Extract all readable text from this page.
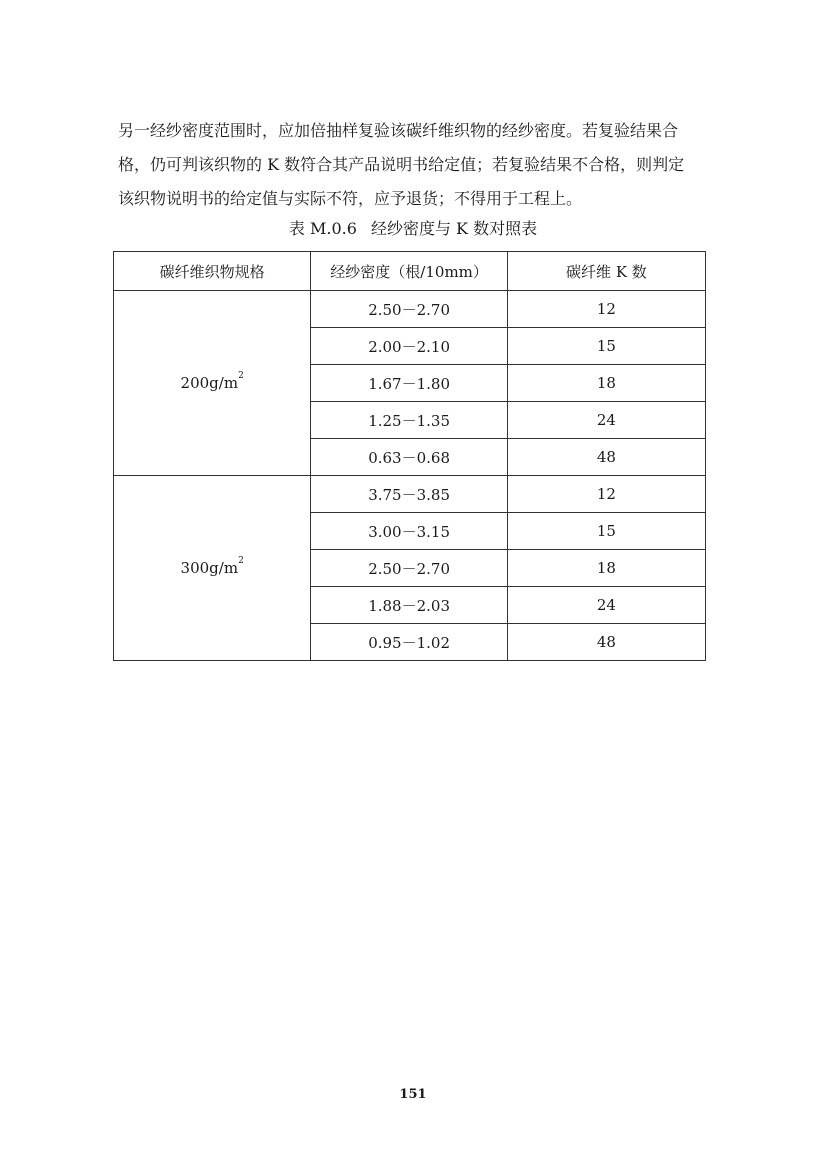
另一经纱密度范围时，应加倍抽样复验该碳纤维织物的经纱密度。若复验结果合

格，仍可判该织物的 K 数符合其产品说明书给定值；若复验结果不合格，则判定

该织物说明书的给定值与实际不符，应予退货；不得用于工程上。

表 M.0.6 经纱密度与 K 数对照表
碳纤维织物规格	经纱密度（根/10mm）	碳纤维 K 数
$200g/m^2$	2.50－2.70	12
	2.00－2.10	15
	1.67－1.80	18
	1.25－1.35	24
	0.63－0.68	48
$300g/m^2$	3.75－3.85	12
	3.00－3.15	15
	2.50－2.70	18
	1.88－2.03	24
	0.95－1.02	48
151
